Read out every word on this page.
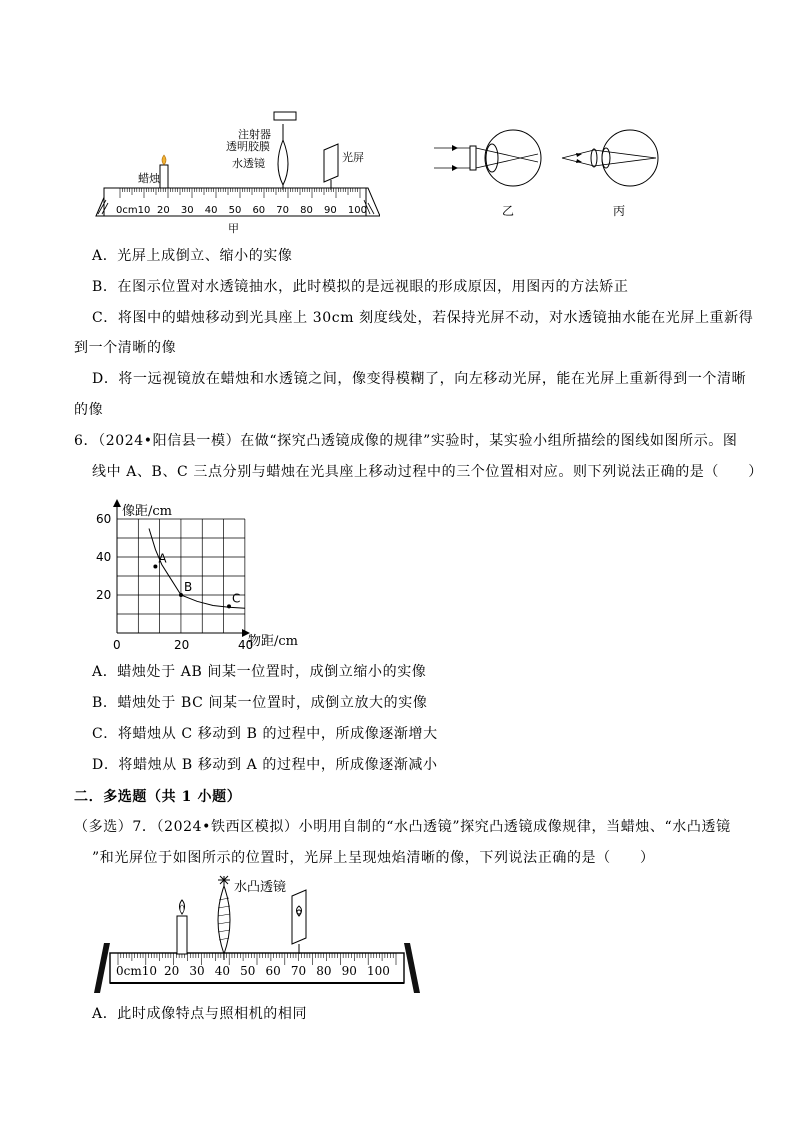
注射器
透明胶膜
水透镜	光屏
蜡烛
0cm10 20 30 40 50 60 70 80 90 100
甲
乙	丙
A．光屏上成倒立、缩小的实像
B．在图示位置对水透镜抽水，此时模拟的是远视眼的形成原因，用图丙的方法矫正
C．将图中的蜡烛移动到光具座上 30cm 刻度线处，若保持光屏不动，对水透镜抽水能在光屏上重新得
到一个清晰的像
D．将一远视镜放在蜡烛和水透镜之间，像变得模糊了，向左移动光屏，能在光屏上重新得到一个清晰
的像
6．（2024•阳信县一模）在做“探究凸透镜成像的规律”实验时，某实验小组所描绘的图线如图所示。图
线中 A、B、C 三点分别与蜡烛在光具座上移动过程中的三个位置相对应。则下列说法正确的是（　　）
A
B
C
0	20	40
20
40
60 像距/cm
物距/cm
A．蜡烛处于 AB 间某一位置时，成倒立缩小的实像
B．蜡烛处于 BC 间某一位置时，成倒立放大的实像
C．将蜡烛从 C 移动到 B 的过程中，所成像逐渐增大
D．将蜡烛从 B 移动到 A 的过程中，所成像逐渐减小
二．多选题（共 1 小题）
（多选）7．（2024•铁西区模拟）小明用自制的“水凸透镜”探究凸透镜成像规律，当蜡烛、“水凸透镜
”和光屏位于如图所示的位置时，光屏上呈现烛焰清晰的像，下列说法正确的是（　　）
水凸透镜
0cm10 20 30 40 50 60 70 80 90 100
A．此时成像特点与照相机的相同
